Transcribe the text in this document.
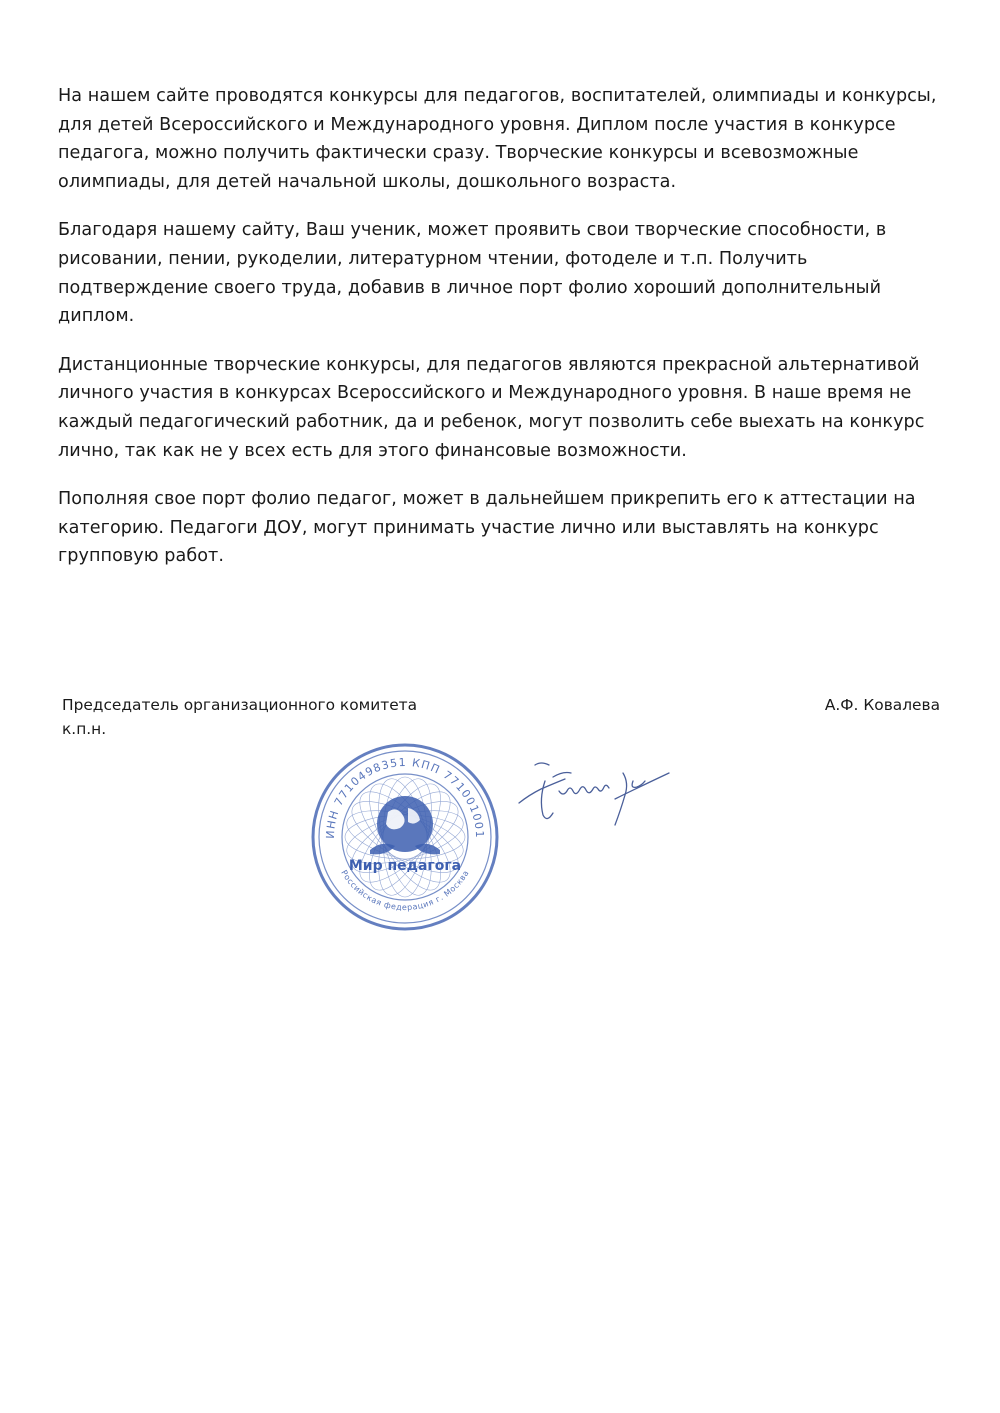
На нашем сайте проводятся конкурсы для педагогов, воспитателей, олимпиады и конкурсы, для детей Всероссийского и Международного уровня. Диплом после участия в конкурсе педагога, можно получить фактически сразу. Творческие конкурсы и всевозможные олимпиады, для детей начальной школы, дошкольного возраста.

Благодаря нашему сайту, Ваш ученик, может проявить свои творческие способности, в рисовании, пении, рукоделии, литературном чтении, фотоделе и т.п. Получить подтверждение своего труда, добавив в личное порт фолио хороший дополнительный диплом.

Дистанционные творческие конкурсы, для педагогов являются прекрасной альтернативой личного участия в конкурсах Всероссийского и Международного уровня. В наше время не каждый педагогический работник, да и ребенок, могут позволить себе выехать на конкурс лично, так как не у всех есть для этого финансовые возможности.

Пополняя свое порт фолио педагог, может в дальнейшем прикрепить его к аттестации на категорию. Педагоги ДОУ, могут принимать участие лично или выставлять на конкурс групповую работ.

Председатель организационного комитета
к.п.н.
А.Ф. Ковалева
ИНН 7710498351 КПП 771001001
Российская федерация г. Москва
Мир педагога
